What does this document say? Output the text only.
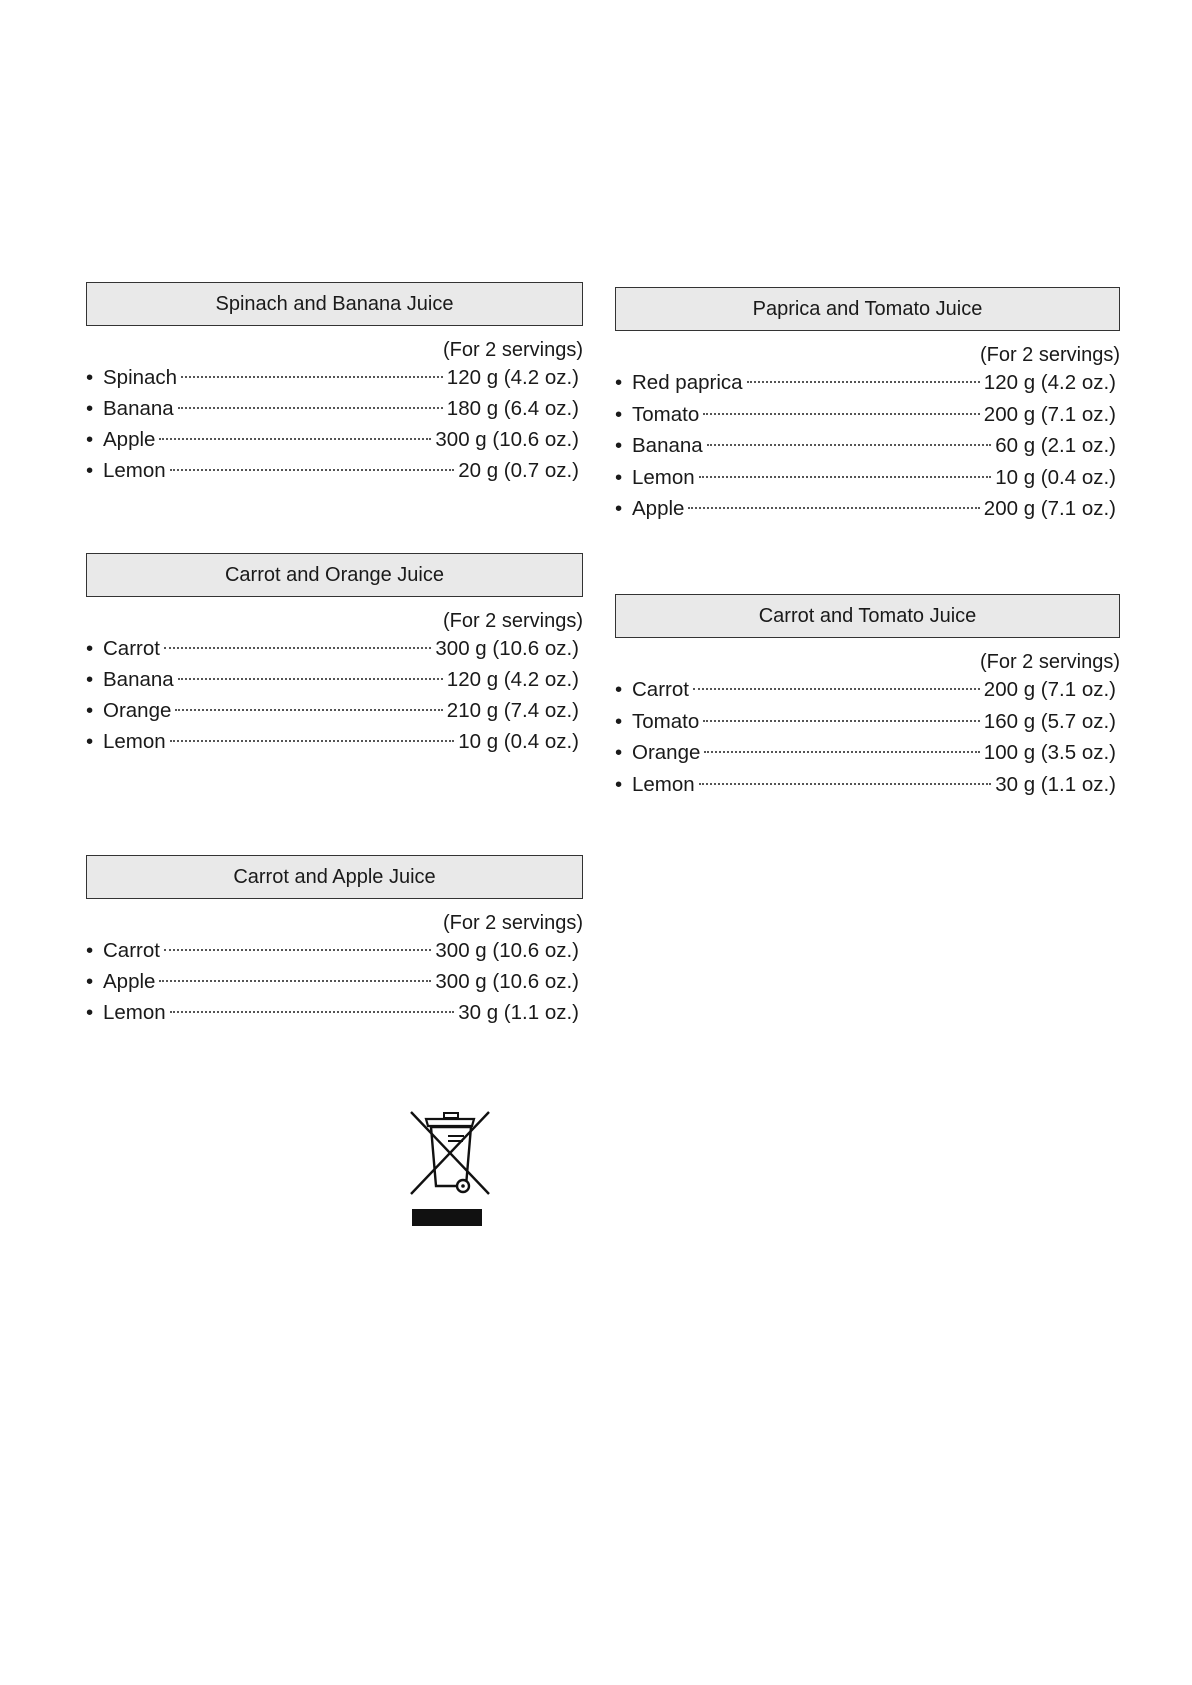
Spinach and Banana Juice
(For 2 servings)
• Spinach	120 g (4.2 oz.)
• Banana	180 g (6.4 oz.)
• Apple	300 g (10.6 oz.)
• Lemon	20 g (0.7 oz.)
Carrot and Orange Juice
(For 2 servings)
• Carrot	300 g (10.6 oz.)
• Banana	120 g (4.2 oz.)
• Orange	210 g (7.4 oz.)
• Lemon	10 g (0.4 oz.)
Carrot and Apple Juice
(For 2 servings)
• Carrot	300 g (10.6 oz.)
• Apple	300 g (10.6 oz.)
• Lemon	30 g (1.1 oz.)
Paprica and Tomato Juice
(For 2 servings)
• Red paprica	120 g (4.2 oz.)
• Tomato	200 g (7.1 oz.)
• Banana	60 g (2.1 oz.)
• Lemon	10 g (0.4 oz.)
• Apple	200 g (7.1 oz.)
Carrot and Tomato Juice
(For 2 servings)
• Carrot	200 g (7.1 oz.)
• Tomato	160 g (5.7 oz.)
• Orange	100 g (3.5 oz.)
• Lemon	30 g (1.1 oz.)
